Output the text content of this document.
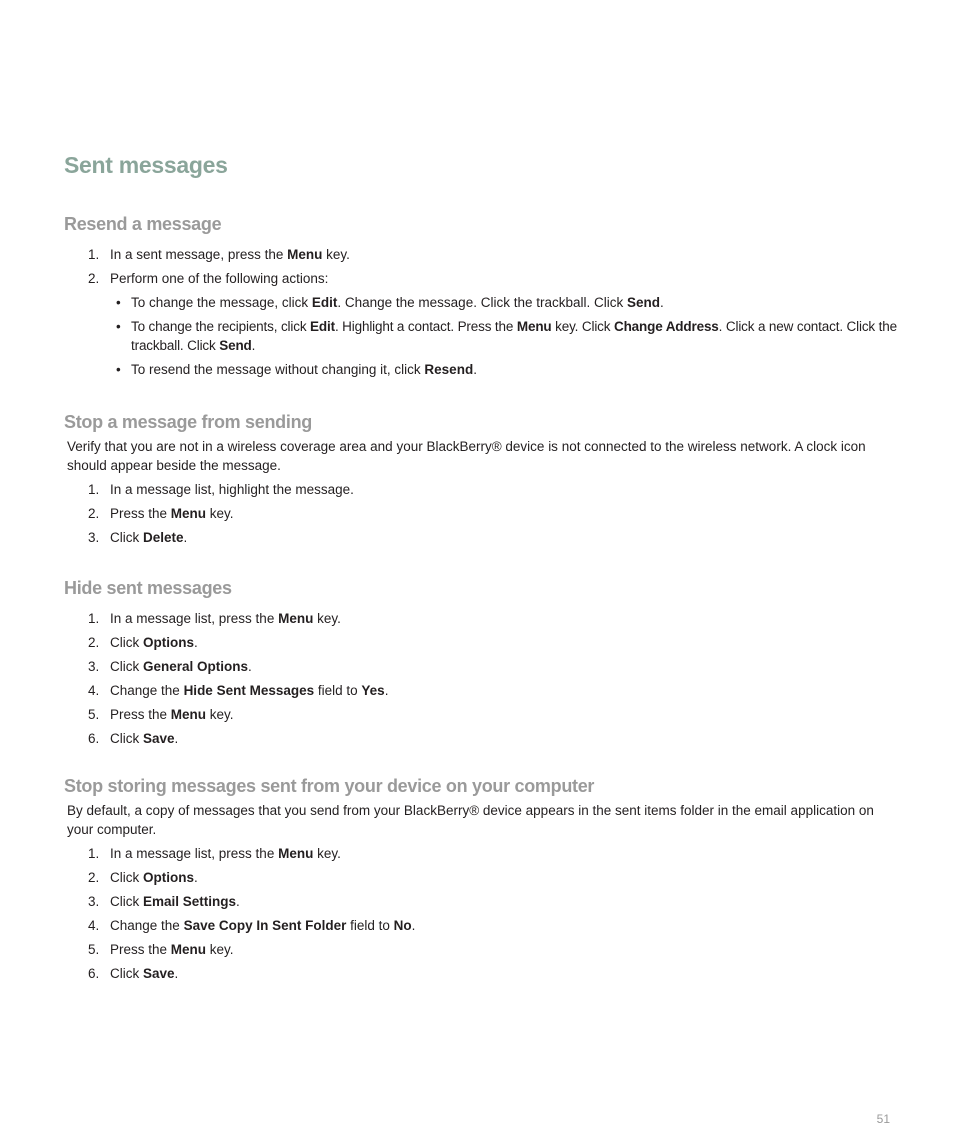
Sent messages
Resend a message
1. In a sent message, press the Menu key.
2. Perform one of the following actions:
• To change the message, click Edit. Change the message. Click the trackball. Click Send.
• To change the recipients, click Edit. Highlight a contact. Press the Menu key. Click Change Address. Click a new contact. Click the trackball. Click Send.
• To resend the message without changing it, click Resend.
Stop a message from sending

Verify that you are not in a wireless coverage area and your BlackBerry® device is not connected to the wireless network. A clock icon should appear beside the message.

1. In a message list, highlight the message.
2. Press the Menu key.
3. Click Delete.
Hide sent messages
1. In a message list, press the Menu key.
2. Click Options.
3. Click General Options.
4. Change the Hide Sent Messages field to Yes.
5. Press the Menu key.
6. Click Save.
Stop storing messages sent from your device on your computer

By default, a copy of messages that you send from your BlackBerry® device appears in the sent items folder in the email application on your computer.

1. In a message list, press the Menu key.
2. Click Options.
3. Click Email Settings.
4. Change the Save Copy In Sent Folder field to No.
5. Press the Menu key.
6. Click Save.
51
